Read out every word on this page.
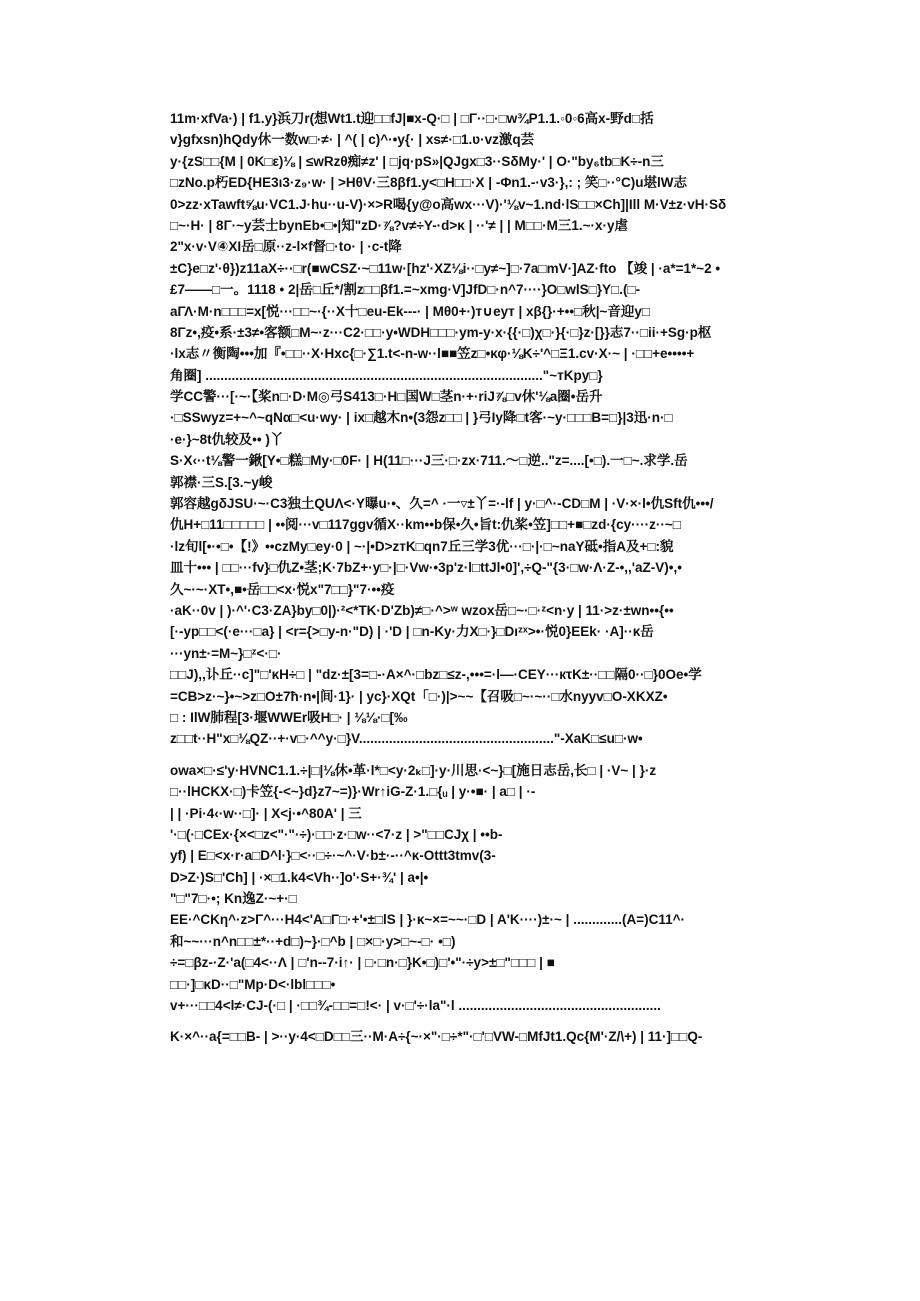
11m·xfVa·) | f1.y}浜刀r(想Wt1.t迎□□fJ|■x-Q·□ | □Γ··□·□w¾P1.1.◦0◦6高x-野d□括
v}gfxsn)hQdy休一数w□·≠· | ^( | c)^·•y{· | xs≠·□1.ʋ·vz激q芸
y·{zS□□{M | 0K□ε)⅛ | ≤wRzθ痴≠z' | □jq·pS»|QJgx□3··SδMy·' | O·"by₆tb□K÷-n三
□zNo.p朽ED{HE3ı3·z₉·w· | >HθV·三8βf1.y<□H□□·X | -Φn1.-·v3·},: ; 笑□··°C)u堪lW志
0>zz·xTawft⅝u·VC1.J·hu··u-V)·×>R喝{y@o高wx···V)·'⅛v~1.nd·lS□□×Ch]|Ill M·V±z·vH·Sδ
□~·H· | 8Γ·~y芸士bynEb•□•|知"zD·⅞?v≠÷Y-·d>κ | ··'≠ | | M□□·M三1.~·x·y虐
2"x·v·V④XI岳□原··z-l×f督□·to· | ·c-t降
±C}e□z'·θ})z11aX÷··□r(■wCSZ·~□11w·[hz'·XZ⅛i··□y≠~]□·7a□mV·]AZ·fto 【竣 | ·a*=1*~2 •
£7——□一。1118 • 2|岳□丘*/割z□□βf1.=~xmg·V]JfD□·n^7····}O□wlS□}Y□.(□-
aΓΛ·M·n□□□=x[悦···□□~·{··X十□eu-Ek---· | Mθ0+·)т∪eyт | xβ{}·+••□秋|~音迎y□
8Γz•,疫•系·±3≠•客额□M~·z···C2·□□·y•WDH□□□·ym-y·x·{{·□)χ□·}{·□}z·[}}志7··□ii·+Sg·p枢
·lx志〃衡陶•••加『•□□··X·Hxc{□·∑1.t<-n-w··l■■笠z□•κφ·⅛K÷'^□Ξ1.cv·X·~ | ·□□+e••••+
角圈] .........................................................................................."~тKpy□}
学CC警···[·~·【桨n□·D·M◎弓S413□·H□国W□茎n·+·riJ⅞□v休'⅛a圈•岳升
·□SSwyz=+~^~qNα□<u·wy· | ix□越木n•(3怨z□□ | }弓Iy降□t客·~y·□□□B=□}|3迅·n·□
·e·}~8t仇较及•• )丫
S·X‹··t⅛警一鍬[Y•□糕□My·□0F· | H(11□···J三·□·zx·711.～□逆.."z=....[•□).一□~.求学.岳
郭襟·三S.[3.~y峻
郭容越gδJSU·~·C3独土QUΛ<·Y曝u·•、久=^ ·一▿±丫=·-lf | y·□^·-CD□M | ·V·×·l•仇Sft仇•••/
仇H+□11□□□□□ | ••阅···v□117ggv循X··km••b保•久•旨t:仇桨•笠]□□+■□zd·{cy····z··~□
·lz旬l[•·•□•【!》••czMy□ey·0 | ~·|•D>zтK□qn7丘三学3优···□·|·□~naY砥•指A及+□:貌
皿十••• | □□···fv}□仇Z•茎;K·7bZ+·y□·|□·Vw·•3p'z·l□ttJl•0]',÷Q-"{3·□w·Λ·Z-•,,'aZ-V)•,•
久~·~·XT•,■•岳□□<x·悦x"7□□}"7·••疫
·aK··0v | )·^'·C3·ZA}by□0|)·²<*TK·D'Zb)≠□·^>ʷ wzox岳□~·□·ᶻ<n·y | 11·>z·±wn••{••
[·-yp□□<(·e···□a} | <r={>□y-n·"D) | ·'D | □n-Ky·力X□·}□Dıᶻˣ>•·悦0}EEk· ·A]··κ岳
···yn±·=M~}□ᶻ<·□·
□□J),,讣丘··c]"□'κH÷□ | "dz·±[3=□-·A×^·□bz□≤z-,•••=·l—·CEY···кτK±··□□隔0··□}0Oe•学
=CB>z·~}•~>z□O±7ħ·n•|间·1}· | yc}·XQt「□·)|>~~【召吸□~·~··□水nyyv□O-XKXZ•
□ : IlW肺程[3·堰WWEr吸H□· | ⅛⅛·□[‰
z□□t··H"x□⅛QZ··+·v□·^^y·□}V...................................................."-XaK□≤u□·w•
owa×□·≤'y·HVNC1.1.÷|□|⅛休•革·l*□<y·2ₖ□]·y·川思·<~}□[施日志岳,长□ | ·V~ | }·z
□··lHCKX·□)卡笠{-<~}d}z7~=)}·Wr↑iG-Z·1.□{ᵤ | y·•■· | a□ | ·-
| | ·Pi·4‹·w··□]· | X<j·•^80A' | 三
'·□(·□CEx·{×<□z<"·"·÷)·□□·z·□w··<7·z | >"□□CJχ | ••b-
yf) | E□<x·r·a□D^l·}□<··□÷·~^·V·b±·-··^κ-Ottt3tmv(3-
D>Z·)S□'Ch] | ·×□1.k4<Vh··]o'·S+·¾' | a•|•
"□"7□·•; Kn逸Z·~+·□
EE·^CKη^·z>Γ^···H4<'A□Γ□·+'•±□lS | }·κ~×=~~·□D | A'K····)±·~ | .............(A=)C11^·
和~~···n^n□□±*··+d□)~}·□^b | □×□·y>□~-□· •□)
÷=□βz-·Z·'a(□4<··Λ | □'n--7·i↑· | □·□n·□}K•□)□'•"·÷y>±□"□□□ | ■
□□·]□κD··□"Mp·D<·lbl□□□•
v+···□□4<l≠·CJ-(·□ | ·□□¾-□□=□!<· | v·□'÷·la"·l ......................................................
K·×^··a{=□□B- | >··y·4<□D□□三··M·A÷{~·×"·□÷*"·□'□VW-□MfJt1.Qc{M'·Z/\+) | 11·]□□Q-
